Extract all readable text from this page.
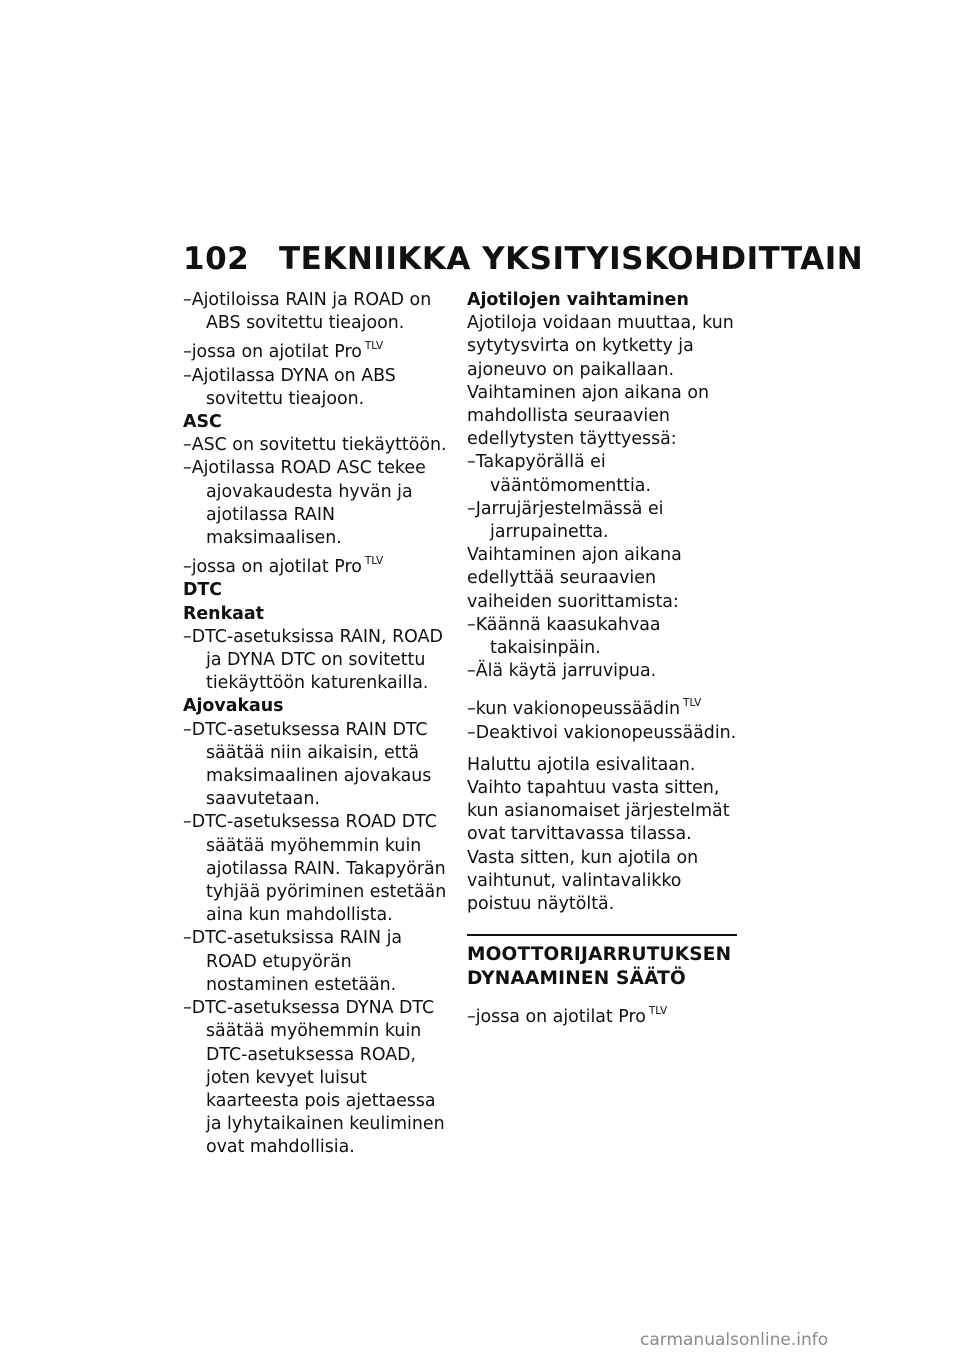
102 TEKNIIKKA YKSITYISKOHDITTAIN

–Ajotiloissa RAIN ja ROAD on ABS sovitettu tieajoon.

–jossa on ajotilat Pro $^{TLV}$

–Ajotilassa DYNA on ABS sovitettu tieajoon.

ASC

–ASC on sovitettu tiekäyttöön.

–Ajotilassa ROAD ASC tekee ajovakaudesta hyvän ja ajotilassa RAIN maksimaalisen.

–jossa on ajotilat Pro $^{TLV}$

DTC

Renkaat

–DTC-asetuksissa RAIN, ROAD ja DYNA DTC on sovitettu tiekäyttöön katurenkailla.

Ajovakaus

–DTC-asetuksessa RAIN DTC säätää niin aikaisin, että maksimaalinen ajovakaus saavutetaan.

–DTC-asetuksessa ROAD DTC säätää myöhemmin kuin ajotilassa RAIN. Takapyörän tyhjää pyöriminen estetään aina kun mahdollista.

–DTC-asetuksissa RAIN ja ROAD etupyörän nostaminen estetään.

–DTC-asetuksessa DYNA DTC säätää myöhemmin kuin DTC-asetuksessa ROAD, joten kevyet luisut kaarteesta pois ajettaessa ja lyhytaikainen keuliminen ovat mahdollisia.

Ajotilojen vaihtaminen

Ajotiloja voidaan muuttaa, kun sytytysvirta on kytketty ja ajoneuvo on paikallaan. Vaihtaminen ajon aikana on mahdollista seuraavien edellytysten täyttyessä:

–Takapyörällä ei vääntömomenttia.

–Jarrujärjestelmässä ei jarrupainetta.

Vaihtaminen ajon aikana edellyttää seuraavien vaiheiden suorittamista:

–Käännä kaasukahvaa takaisinpäin.

–Älä käytä jarruvipua.

–kun vakionopeussäädin $^{TLV}$

–Deaktivoi vakionopeussäädin.

Haluttu ajotila esivalitaan.

Vaihto tapahtuu vasta sitten, kun asianomaiset järjestelmät ovat tarvittavassa tilassa. Vasta sitten, kun ajotila on vaihtunut, valintavalikko poistuu näytöltä.

MOOTTORIJARRUTUKSEN DYNAAMINEN SÄÄTÖ

–jossa on ajotilat Pro $^{TLV}$

carmanualsonline.info
